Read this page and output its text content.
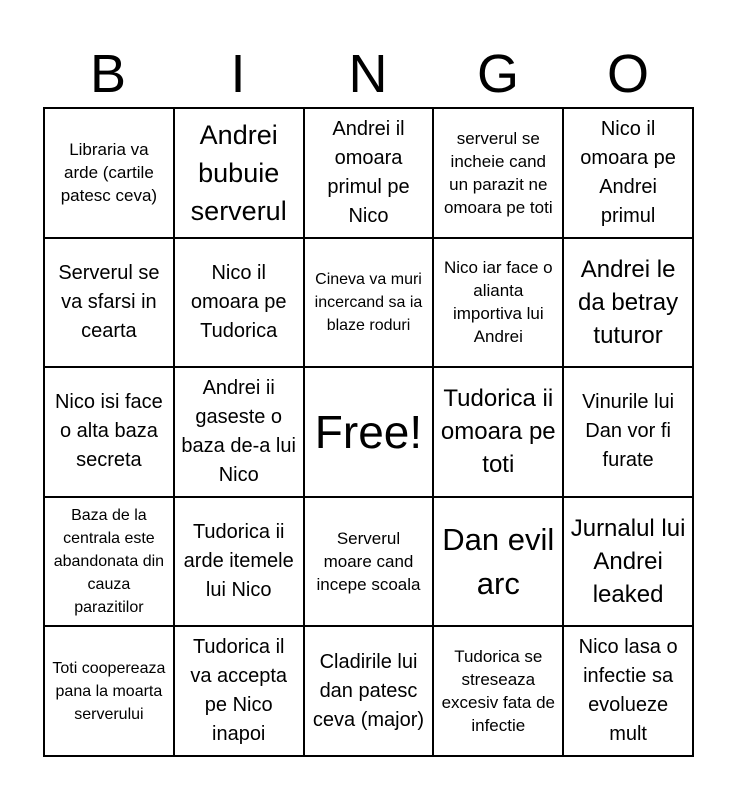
B	I	N	G	O
Libraria va arde (cartile patesc ceva)
Andrei bubuie serverul
Andrei il omoara primul pe Nico
serverul se incheie cand un parazit ne omoara pe toti
Nico il omoara pe Andrei primul
Serverul se va sfarsi in cearta
Nico il omoara pe Tudorica
Cineva va muri incercand sa ia blaze roduri
Nico iar face o alianta importiva lui Andrei
Andrei le da betray tuturor
Nico isi face o alta baza secreta
Andrei ii gaseste o baza de-a lui Nico
Free!
Tudorica ii omoara pe toti
Vinurile lui Dan vor fi furate
Baza de la centrala este abandonata din cauza parazitilor
Tudorica ii arde itemele lui Nico
Serverul moare cand incepe scoala
Dan evil arc
Jurnalul lui Andrei leaked
Toti coopereaza pana la moarta serverului
Tudorica il va accepta pe Nico inapoi
Cladirile lui dan patesc ceva (major)
Tudorica se streseaza excesiv fata de infectie
Nico lasa o infectie sa evolueze mult
